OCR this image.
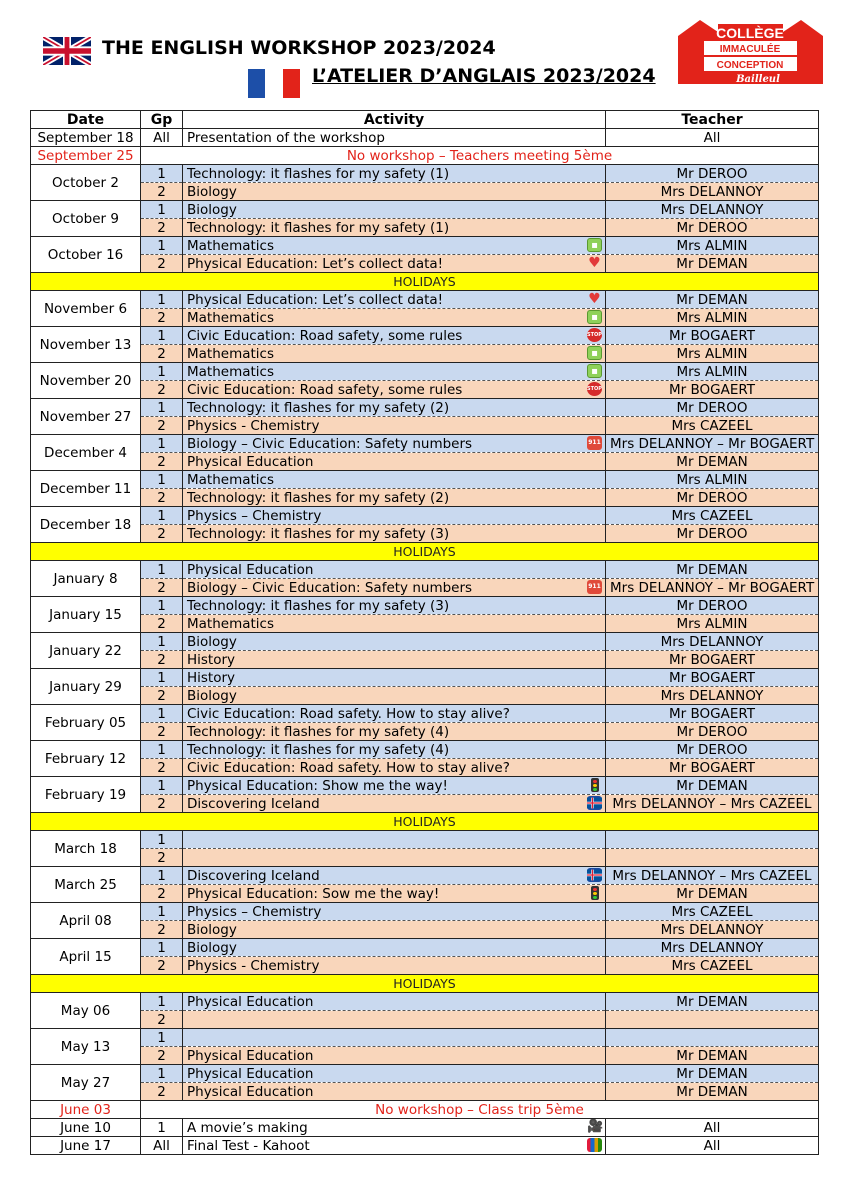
THE ENGLISH WORKSHOP 2023/2024
L’ATELIER D’ANGLAIS 2023/2024
COLLÈGE
IMMACULÉE
CONCEPTION
Bailleul
Date	Gp	Activity	Teacher
September 18	All	Presentation of the workshop	All
September 25	No workshop – Teachers meeting 5ème		
October 2	1	Technology: it flashes for my safety (1)	Mr DEROO
	2	Biology	Mrs DELANNOY
October 9	1	Biology	Mrs DELANNOY
	2	Technology: it flashes for my safety (1)	Mr DEROO
October 16	1	Mathematics ▪	Mrs ALMIN
	2	Physical Education: Let’s collect data! ♥	Mr DEMAN
HOLIDAYS			
November 6	1	Physical Education: Let’s collect data! ♥	Mr DEMAN
	2	Mathematics ▪	Mrs ALMIN
November 13	1	Civic Education: Road safety, some rules STOP	Mr BOGAERT
	2	Mathematics ▪	Mrs ALMIN
November 20	1	Mathematics ▪	Mrs ALMIN
	2	Civic Education: Road safety, some rules STOP	Mr BOGAERT
November 27	1	Technology: it flashes for my safety (2)	Mr DEROO
	2	Physics - Chemistry	Mrs CAZEEL
December 4	1	Biology – Civic Education: Safety numbers 911	Mrs DELANNOY – Mr BOGAERT
	2	Physical Education	Mr DEMAN
December 11	1	Mathematics	Mrs ALMIN
	2	Technology: it flashes for my safety (2)	Mr DEROO
December 18	1	Physics – Chemistry	Mrs CAZEEL
	2	Technology: it flashes for my safety (3)	Mr DEROO
HOLIDAYS			
January 8	1	Physical Education	Mr DEMAN
	2	Biology – Civic Education: Safety numbers 911	Mrs DELANNOY – Mr BOGAERT
January 15	1	Technology: it flashes for my safety (3)	Mr DEROO
	2	Mathematics	Mrs ALMIN
January 22	1	Biology	Mrs DELANNOY
	2	History	Mr BOGAERT
January 29	1	History	Mr BOGAERT
	2	Biology	Mrs DELANNOY
February 05	1	Civic Education: Road safety. How to stay alive?	Mr BOGAERT
	2	Technology: it flashes for my safety (4)	Mr DEROO
February 12	1	Technology: it flashes for my safety (4)	Mr DEROO
	2	Civic Education: Road safety. How to stay alive?	Mr BOGAERT
February 19	1	Physical Education: Show me the way!	Mr DEMAN
	2	Discovering Iceland	Mrs DELANNOY – Mrs CAZEEL
HOLIDAYS			
March 18	1		
	2		
March 25	1	Discovering Iceland	Mrs DELANNOY – Mrs CAZEEL
	2	Physical Education: Sow me the way!	Mr DEMAN
April 08	1	Physics – Chemistry	Mrs CAZEEL
	2	Biology	Mrs DELANNOY
April 15	1	Biology	Mrs DELANNOY
	2	Physics - Chemistry	Mrs CAZEEL
HOLIDAYS			
May 06	1	Physical Education	Mr DEMAN
	2		
May 13	1		
	2	Physical Education	Mr DEMAN
May 27	1	Physical Education	Mr DEMAN
	2	Physical Education	Mr DEMAN
June 03	No workshop – Class trip 5ème		
June 10	1	A movie’s making 🎥	All
June 17	All	Final Test - Kahoot	All
